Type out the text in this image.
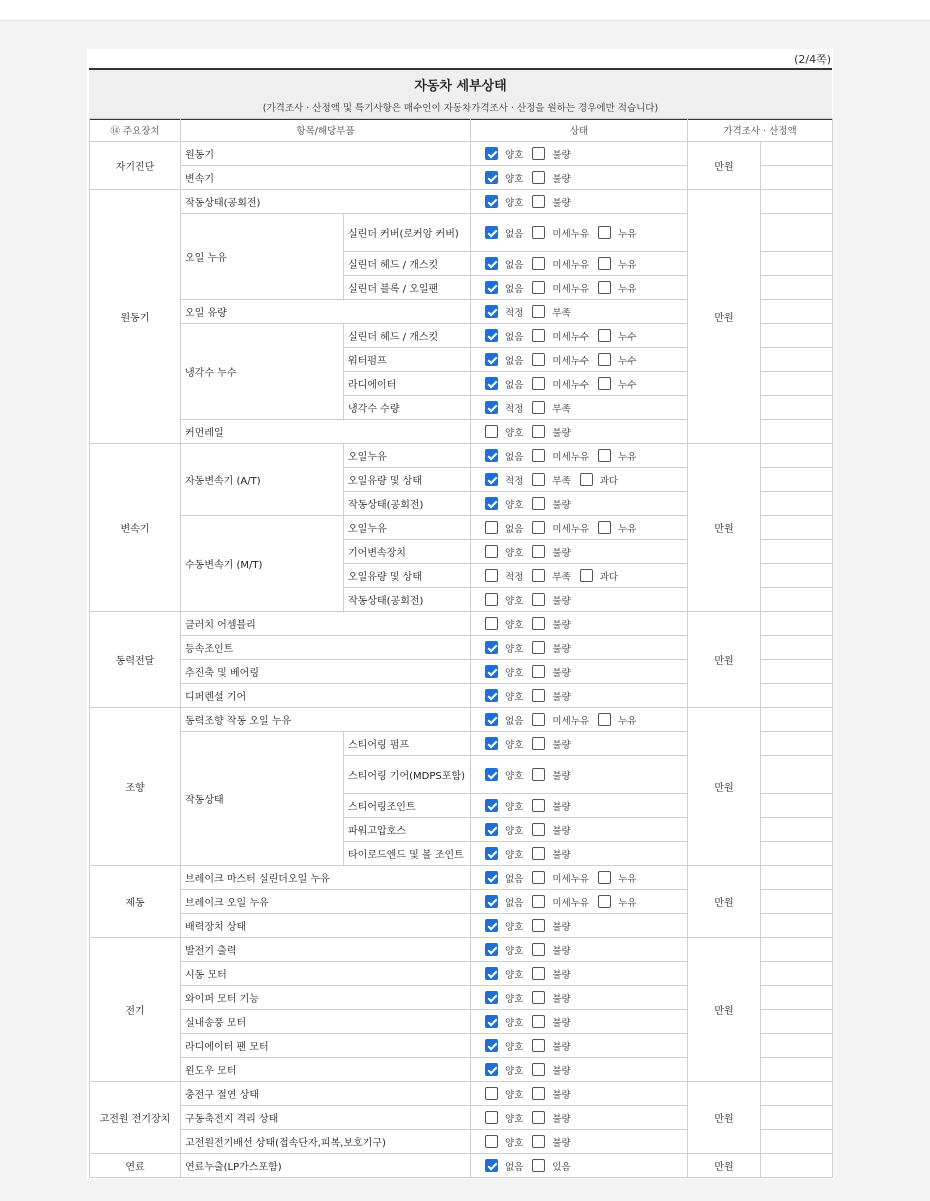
(2/4쪽)
자동차 세부상태
(가격조사 · 산정액 및 특기사항은 매수인이 자동차가격조사 · 산정을 원하는 경우에만 적습니다)
⑭ 주요장치	항목/해당부품		상태	가격조사 · 산정액	
자기진단	원동기		양호 불량	만원	
	변속기		양호 불량		
원동기	작동상태(공회전)		양호 불량	만원	
	오일 누유	실린더 커버(로커암 커버)	없음 미세누유 누유		
		실린더 헤드 / 개스킷	없음 미세누유 누유		
		실린더 블록 / 오일팬	없음 미세누유 누유		
	오일 유량		적정 부족		
	냉각수 누수	실린더 헤드 / 개스킷	없음 미세누수 누수		
		워터펌프	없음 미세누수 누수		
		라디에이터	없음 미세누수 누수		
		냉각수 수량	적정 부족		
	커먼레일		양호 불량		
변속기	자동변속기 (A/T)	오일누유	없음 미세누유 누유	만원	
		오일유량 및 상태	적정 부족 과다		
		작동상태(공회전)	양호 불량		
	수동변속기 (M/T)	오일누유	없음 미세누유 누유		
		기어변속장치	양호 불량		
		오일유량 및 상태	적정 부족 과다		
		작동상태(공회전)	양호 불량		
동력전달	클러치 어셈블리		양호 불량	만원	
	등속조인트		양호 불량		
	추진축 및 베어링		양호 불량		
	디퍼렌셜 기어		양호 불량		
조향	동력조향 작동 오일 누유		없음 미세누유 누유	만원	
	작동상태	스티어링 펌프	양호 불량		
		스티어링 기어(MDPS포함)	양호 불량		
		스티어링조인트	양호 불량		
		파워고압호스	양호 불량		
		타이로드엔드 및 볼 조인트	양호 불량		
제동	브레이크 마스터 실린더오일 누유		없음 미세누유 누유	만원	
	브레이크 오일 누유		없음 미세누유 누유		
	배력장치 상태		양호 불량		
전기	발전기 출력		양호 불량	만원	
	시동 모터		양호 불량		
	와이퍼 모터 기능		양호 불량		
	실내송풍 모터		양호 불량		
	라디에이터 팬 모터		양호 불량		
	윈도우 모터		양호 불량		
고전원 전기장치	충전구 절연 상태		양호 불량	만원	
	구동축전지 격리 상태		양호 불량		
	고전원전기배선 상태(접속단자,피복,보호기구)		양호 불량		
연료	연료누출(LP가스포함)		없음 있음	만원	
